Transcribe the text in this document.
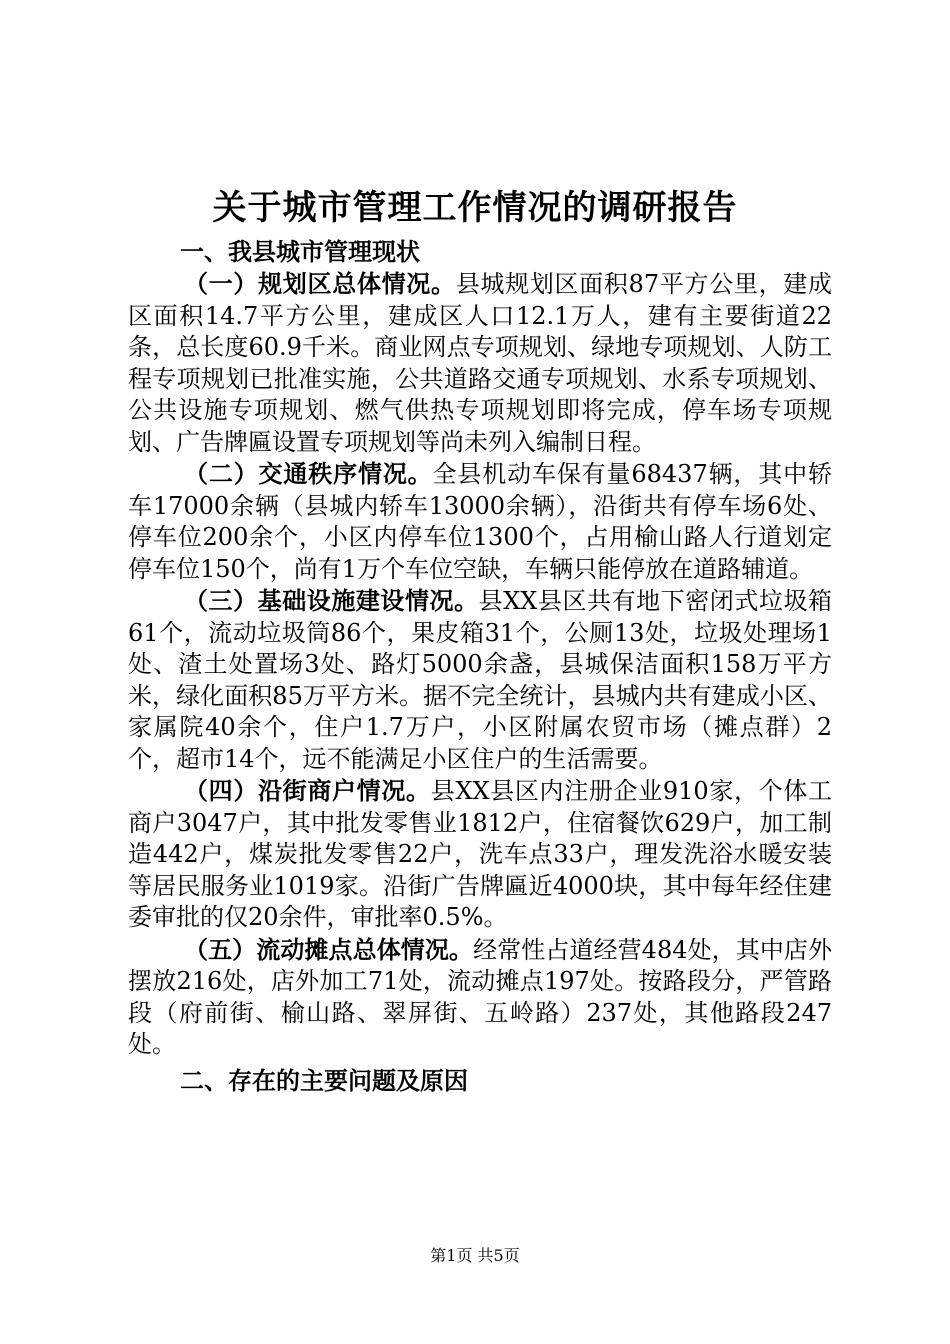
关于城市管理工作情况的调研报告

一、我县城市管理现状

（一）规划区总体情况。县城规划区面积87平方公里，建成区面积14.7平方公里，建成区人口12.1万人，建有主要街道22条，总长度60.9千米。商业网点专项规划、绿地专项规划、人防工程专项规划已批准实施，公共道路交通专项规划、水系专项规划、公共设施专项规划、燃气供热专项规划即将完成，停车场专项规划、广告牌匾设置专项规划等尚未列入编制日程。

（二）交通秩序情况。全县机动车保有量68437辆，其中轿车17000余辆（县城内轿车13000余辆），沿街共有停车场6处、停车位200余个，小区内停车位1300个，占用榆山路人行道划定停车位150个，尚有1万个车位空缺，车辆只能停放在道路辅道。

（三）基础设施建设情况。县XX县区共有地下密闭式垃圾箱61个，流动垃圾筒86个，果皮箱31个，公厕13处，垃圾处理场1处、渣土处置场3处、路灯5000余盏，县城保洁面积158万平方米，绿化面积85万平方米。据不完全统计，县城内共有建成小区、家属院40余个，住户1.7万户，小区附属农贸市场（摊点群）2个，超市14个，远不能满足小区住户的生活需要。

（四）沿街商户情况。县XX县区内注册企业910家，个体工商户3047户，其中批发零售业1812户，住宿餐饮629户，加工制造442户，煤炭批发零售22户，洗车点33户，理发洗浴水暖安装等居民服务业1019家。沿街广告牌匾近4000块，其中每年经住建委审批的仅20余件，审批率0.5%。

（五）流动摊点总体情况。经常性占道经营484处，其中店外摆放216处，店外加工71处，流动摊点197处。按路段分，严管路段（府前街、榆山路、翠屏街、五岭路）237处，其他路段247处。

二、存在的主要问题及原因

第1页 共5页
